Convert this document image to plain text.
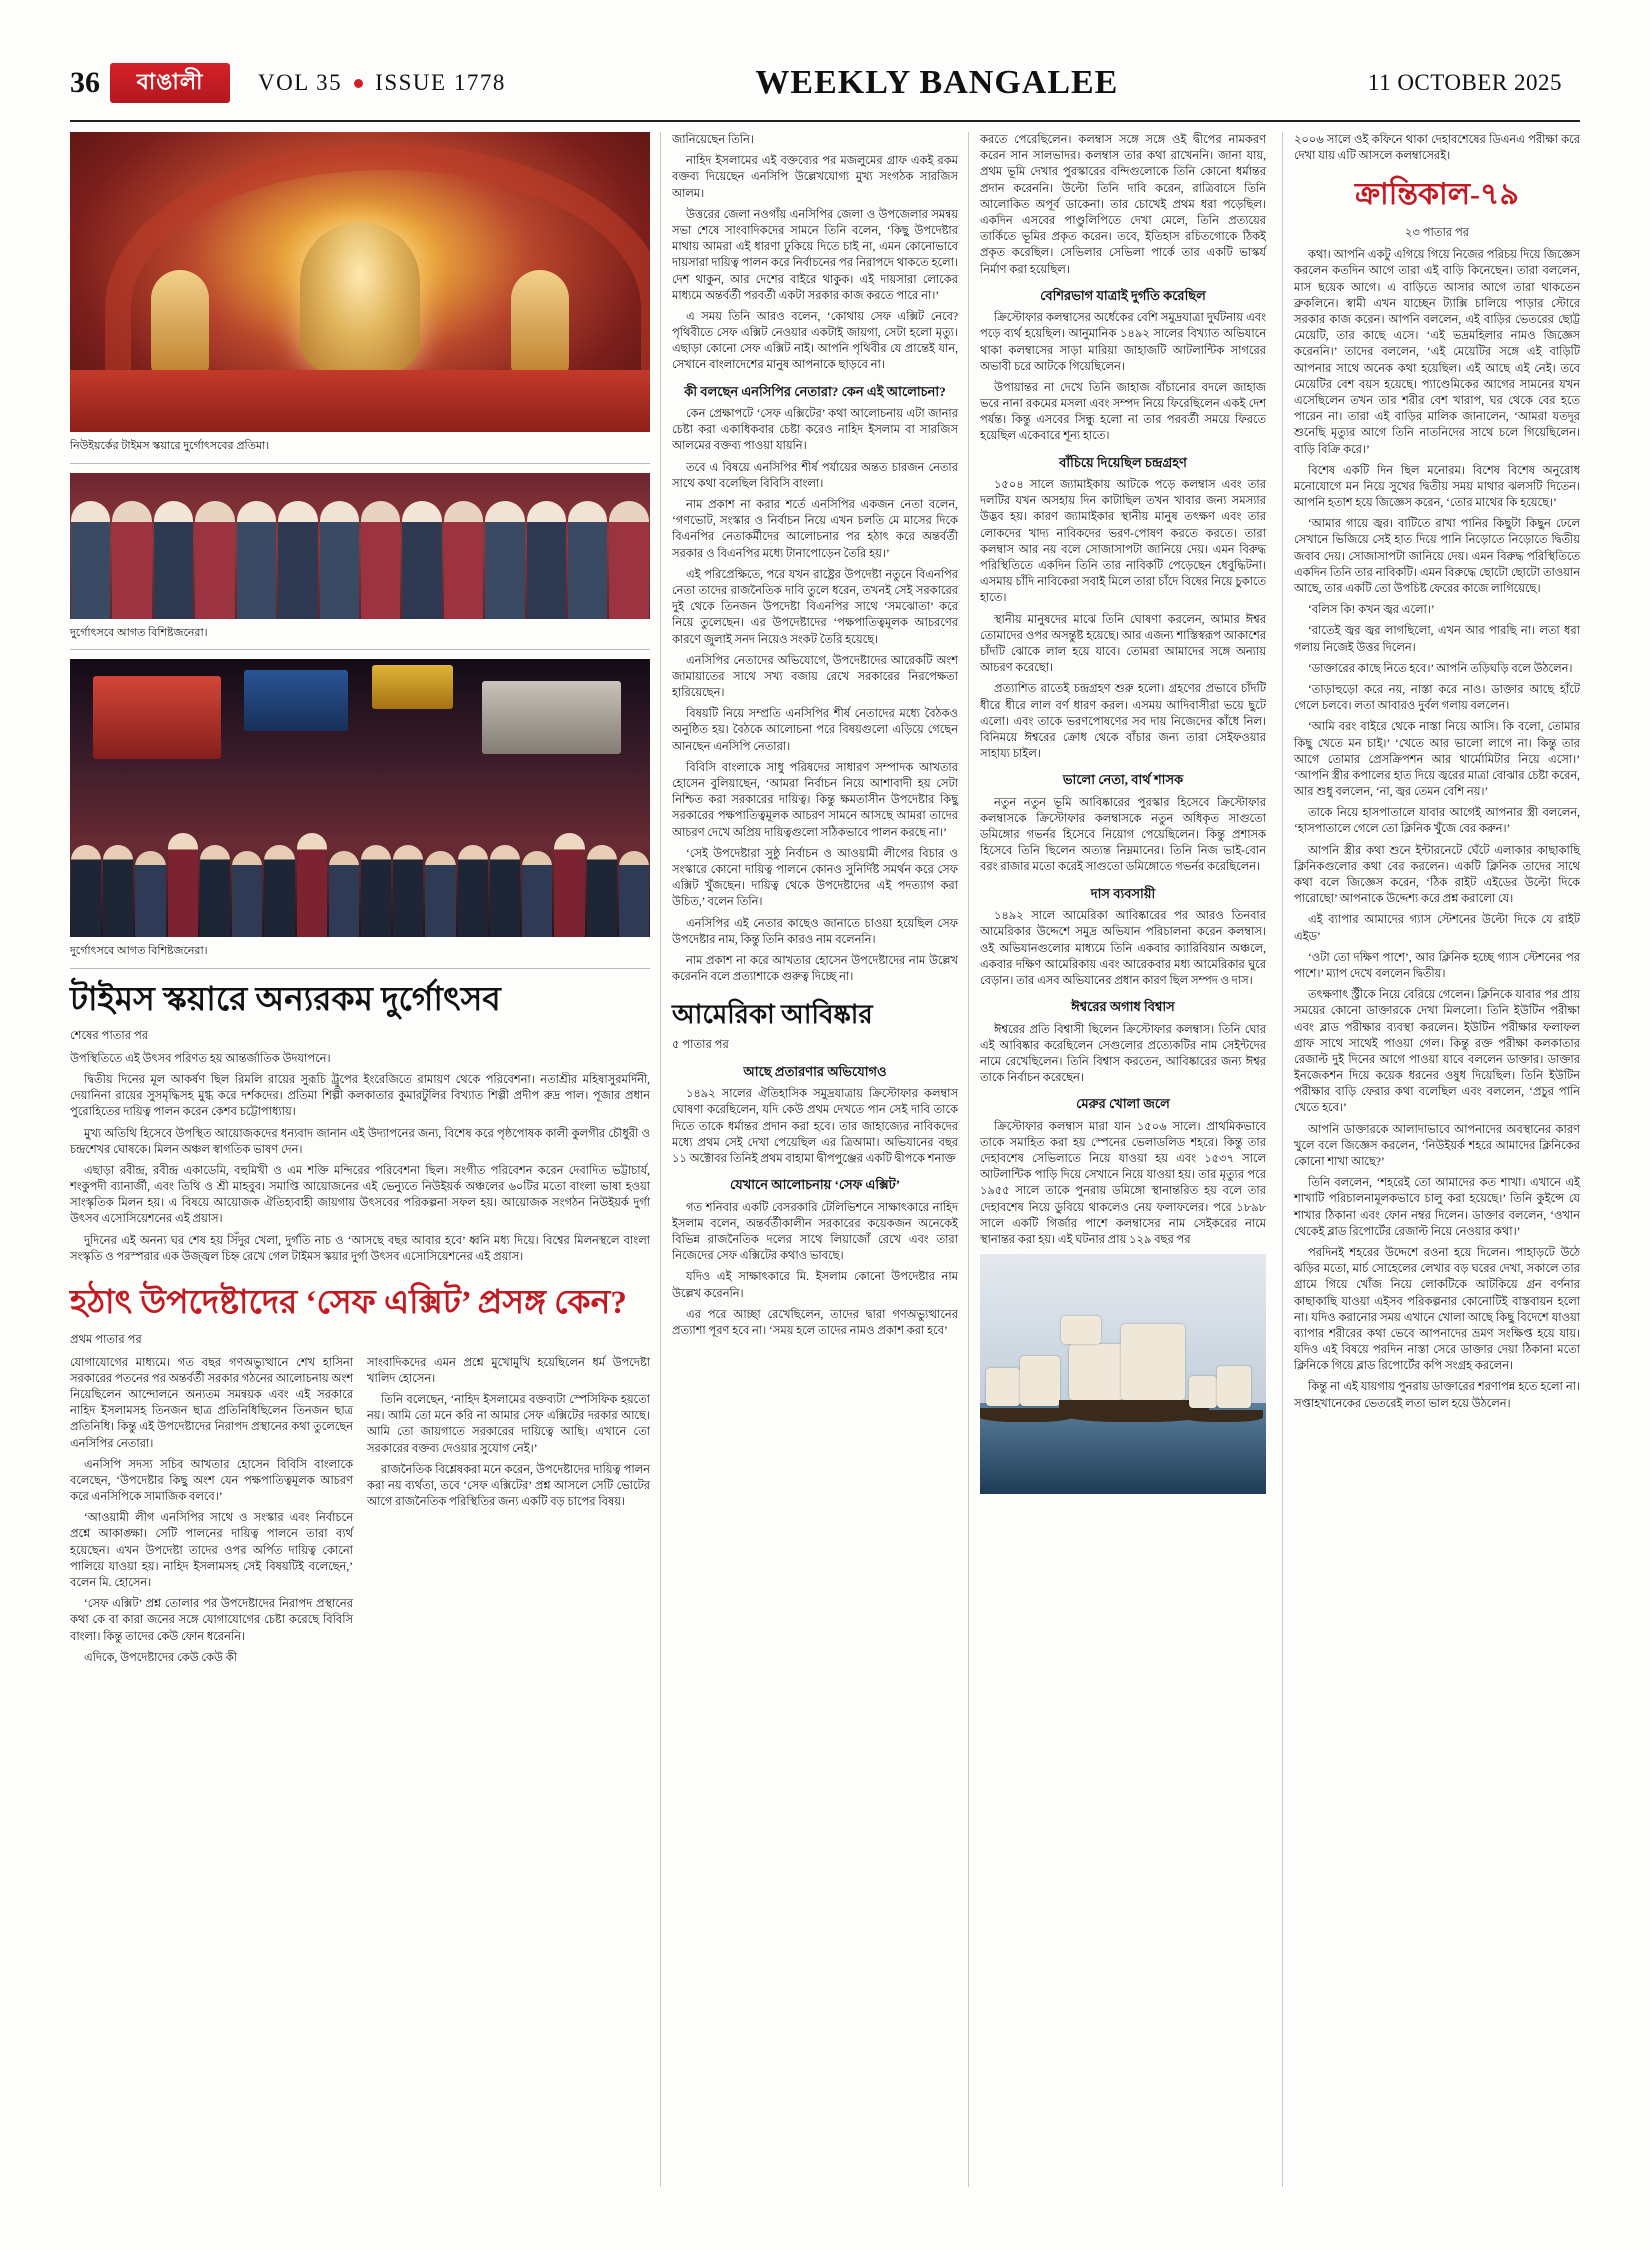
36	বাঙালী	VOL 35 ISSUE 1778	WEEKLY BANGALEE	11 OCTOBER 2025
নিউইয়র্কের টাইমস স্কয়ারে দুর্গোৎসবের প্রতিমা।
দুর্গোৎসবে আগত বিশিষ্টজনেরা।
দুর্গোৎসবে আগত বিশিষ্টজনেরা।
টাইমস স্কয়ারে অন্যরকম দুর্গোৎসব
শেষের পাতার পর

উপস্থিতিতে এই উৎসব পরিণত হয় আন্তর্জাতিক উদযাপনে।

দ্বিতীয় দিনের মূল আকর্ষণ ছিল রিমলি রায়ের সুরূচি ট্রুপের ইংরেজিতে রামায়ণ থেকে পরিবেশনা। নতাশ্রীর মহিষাসুরমর্দিনী, দেয়ানিনা রায়ের সুসমৃদ্ধিসহ মুগ্ধ করে দর্শকদের। প্রতিমা শিল্পী কলকাতার কুমারটুলির বিখ্যাত শিল্পী প্রদীপ রুদ্র পাল। পূজার প্রধান পুরোহিতের দায়িত্ব পালন করেন কেশব চট্টোপাধ্যায়।

মুখ্য অতিথি হিসেবে উপস্থিত আয়োজকদের ধন্যবাদ জানান এই উদ্যাপনের জন্য, বিশেষ করে পৃষ্ঠপোষক কালী কুলগীর চৌধুরী ও চন্দ্রশেখর ঘোষকে। মিলন অঞ্চল স্বাগতিক ভাষণ দেন।

এছাড়া রবীন্দ্র, রবীন্দ্র একাডেমি, বহুমিখী ও এম শক্তি মন্দিরের পরিবেশনা ছিল। সংগীত পরিবেশন করেন দেবাদিত ভট্টাচার্য, শংকুপদী ব্যানার্জী, এবং তিথি ও শ্রী মাহবুব। সমাপ্তি আয়োজনের এই ভেন্যুতে নিউইয়র্ক অঞ্চলের ৬০টির মতো বাংলা ভাষা হওয়া সাংস্কৃতিক মিলন হয়। এ বিষয়ে আয়োজক ঐতিহ্যবাহী জায়গায় উৎসবের পরিকল্পনা সফল হয়। আয়োজক সংগঠন নিউইয়র্ক দুর্গা উৎসব এসোসিয়েশনের এই প্রয়াস।

দুদিনের এই অনন্য ঘর শেষ হয় সিঁদুর খেলা, দুর্গতি নাচ ও ‘আসছে বছর আবার হবে’ ধ্বনি মধ্য দিয়ে। বিশ্বের মিলনস্থলে বাংলা সংস্কৃতি ও পরস্পরার এক উজ্জ্বল চিহ্ন রেখে গেল টাইমস স্কয়ার দুর্গা উৎসব এসোসিয়েশনের এই প্রয়াস।

হঠাৎ উপদেষ্টাদের ‘সেফ এক্সিট’ প্রসঙ্গ কেন?
প্রথম পাতার পর

যোগাযোগের মাধ্যমে। গত বছর গণঅভ্যুত্থানে শেখ হাসিনা সরকারের পতনের পর অন্তর্বর্তী সরকার গঠনের আলোচনায় অংশ নিয়েছিলেন আন্দোলনে অন্যতম সমন্বয়ক এবং এই সরকারে নাহিদ ইসলামসহ তিনজন ছাত্র প্রতিনিধিছিলেন তিনজন ছাত্র প্রতিনিধি। কিন্তু এই উপদেষ্টাদের নিরাপদ প্রস্থানের কথা তুলেছেন এনসিপির নেতারা।

এনসিপি সদস্য সচিব আখতার হোসেন বিবিসি বাংলাকে বলেছেন, ‘উপদেষ্টার কিছু অংশ যেন পক্ষপাতিত্বমূলক আচরণ করে এনসিপিকে সামাজিক বলবে।’

‘আওয়ামী লীগ এনসিপির সাথে ও সংস্কার এবং নির্বাচনে প্রশ্নে আকাঙ্ক্ষা। সেটি পালনের দায়িত্ব পালনে তারা ব্যর্থ হয়েছেন। এখন উপদেষ্টা তাদের ওপর অর্পিত দায়িত্ব কোনো পালিয়ে যাওয়া হয়। নাহিদ ইসলামসহ সেই বিষয়টিই বলেছেন,’ বলেন মি. হোসেন।

‘সেফ এক্সিট’ প্রশ্ন তোলার পর উপদেষ্টাদের নিরাপদ প্রস্থানের কথা কে বা কারা জনের সঙ্গে যোগাযোগের চেষ্টা করেছে বিবিসি বাংলা। কিন্তু তাদের কেউ ফোন ধরেননি।

এদিকে, উপদেষ্টাদের কেউ কেউ কী

সাংবাদিকদের এমন প্রশ্নে মুখোমুখি হয়েছিলেন ধর্ম উপদেষ্টা খালিদ হোসেন।

তিনি বলেছেন, ‘নাহিদ ইসলামের বক্তব্যটা স্পেসিফিক হয়তো নয়। আমি তো মনে করি না আমার সেফ এক্সিটের দরকার আছে। আমি তো জায়গাতে সরকারের দায়িত্বে আছি। এখানে তো সরকারের বক্তব্য দেওয়ার সুযোগ নেই।’

রাজনৈতিক বিশ্লেষকরা মনে করেন, উপদেষ্টাদের দায়িত্ব পালন করা নয় ব্যর্থতা, তবে ‘সেফ এক্সিটের’ প্রশ্ন আসলে সেটি ভোটের আগে রাজনৈতিক পরিস্থিতির জন্য একটি বড় চাপের বিষয়।

জানিয়েছেন তিনি।

নাহিদ ইসলামের এই বক্তব্যের পর মজলুমের গ্রাফ একই রকম বক্তব্য দিয়েছেন এনসিপি উল্লেখযোগ্য মুখ্য সংগঠক সারজিস আলম।

উত্তরের জেলা নওগাঁয় এনসিপির জেলা ও উপজেলার সমন্বয় সভা শেষে সাংবাদিকদের সামনে তিনি বলেন, ‘কিছু উপদেষ্টার মাথায় আমরা এই ধারণা ঢুকিয়ে দিতে চাই না, এমন কোনোভাবে দায়সারা দায়িত্ব পালন করে নির্বাচনের পর নিরাপদে থাকতে হলো। দেশ থাকুন, আর দেশের বাইরে থাকুক। এই দায়সারা লোকের মাধ্যমে অন্তর্বর্তী পরবর্তী একটা সরকার কাজ করতে পারে না।’

এ সময় তিনি আরও বলেন, ‘কোথায় সেফ এক্সিট নেবে? পৃথিবীতে সেফ এক্সিট নেওয়ার একটাই জায়গা, সেটা হলো মৃত্যু। এছাড়া কোনো সেফ এক্সিট নাই। আপনি পৃথিবীর যে প্রান্তেই যান, সেখানে বাংলাদেশের মানুষ আপনাকে ছাড়বে না।

কী বলছেন এনসিপির নেতারা? কেন এই আলোচনা?

কেন প্রেক্ষাপটে ‘সেফ এক্সিটের’ কথা আলোচনায় এটা জানার চেষ্টা করা একাধিকবার চেষ্টা করেও নাহিদ ইসলাম বা সারজিস আলমের বক্তব্য পাওয়া যায়নি।

তবে এ বিষয়ে এনসিপির শীর্ষ পর্যায়ের অন্তত চারজন নেতার সাথে কথা বলেছিল বিবিসি বাংলা।

নাম প্রকাশ না করার শর্তে এনসিপির একজন নেতা বলেন, ‘গণভোট, সংস্কার ও নির্বাচন নিয়ে এখন চলতি মে মাসের দিকে বিএনপির নেতাকর্মীদের আলোচনার পর হঠাৎ করে অন্তর্বর্তী সরকার ও বিএনপির মধ্যে টানাপোড়েন তৈরি হয়।’

এই পরিপ্রেক্ষিতে, পরে যখন রাষ্ট্রের উপদেষ্টা নতুনে বিএনপির নেতা তাদের রাজনৈতিক দাবি তুলে ধরেন, তখনই সেই সরকারের দুই থেকে তিনজন উপদেষ্টা বিএনপির সাথে ‘সমঝোতা’ করে নিয়ে তুলেছেন। এর উপদেষ্টাদের ‘পক্ষপাতিত্বমূলক আচরণের কারণে জুলাই সনদ নিয়েও সংকট তৈরি হয়েছে।

এনসিপির নেতাদের অভিযোগে, উপদেষ্টাদের আরেকটি অংশ জামায়াতের সাথে সখ্য বজায় রেখে সরকারের নিরপেক্ষতা হারিয়েছেন।

বিষয়টি নিয়ে সম্প্রতি এনসিপির শীর্ষ নেতাদের মধ্যে বৈঠকও অনুষ্ঠিত হয়। বৈঠকে আলোচনা পরে বিষয়গুলো এড়িয়ে গেছেন আনছেন এনসিপি নেতারা।

বিবিসি বাংলাকে সাধু পরিষদের সাধারণ সম্পাদক আখতার হোসেন বুলিয়াছেন, ‘আমরা নির্বাচন নিয়ে আশাবাদী হয় সেটা নিশ্চিত করা সরকারের দায়িত্ব। কিন্তু ক্ষমতাসীন উপদেষ্টার কিছু সরকারের পক্ষপাতিত্বমূলক আচরণ সামনে আসছে আমরা তাদের আচরণ দেখে অপ্রিয় দায়িত্বগুলো সঠিকভাবে পালন করছে না।’

‘সেই উপদেষ্টারা সুষ্ঠু নির্বাচন ও আওয়ামী লীগের বিচার ও সংস্কারে কোনো দায়িত্ব পালনে কোনও সুনির্দিষ্ট সমর্থন করে সেফ এক্সিট খুঁজছেন। দায়িত্ব থেকে উপদেষ্টাদের এই পদত্যাগ করা উচিত,’ বলেন তিনি।

এনসিপির এই নেতার কাছেও জানাতে চাওয়া হয়েছিল সেফ উপদেষ্টার নাম, কিন্তু তিনি কারও নাম বলেননি।

নাম প্রকাশ না করে আখতার হোসেন উপদেষ্টাদের নাম উল্লেখ করেননি বলে প্রত্যাশাকে গুরুত্ব দিচ্ছে না।

আমেরিকা আবিষ্কার
৫ পাতার পর
আছে প্রতারণার অভিযোগও

১৪৯২ সালের ঐতিহাসিক সমুদ্রযাত্রায় ক্রিস্টোফার কলম্বাস ঘোষণা করেছিলেন, যদি কেউ প্রথম দেখতে পান সেই দাবি তাকে দিতে তাকে ধর্মান্তর প্রদান করা হবে। তার জাহাজ্যের নাবিকদের মধ্যে প্রথম সেই দেখা পেয়েছিল এর ত্রিআমা। অভিযানের বছর ১১ অক্টোবর তিনিই প্রথম বাহামা দ্বীপপুঞ্জের একটি দ্বীপকে শনাক্ত

যেখানে আলোচনায় ‘সেফ এক্সিট’

গত শনিবার একটি বেসরকারি টেলিভিশনে সাক্ষাৎকারে নাহিদ ইসলাম বলেন, অন্তর্বর্তীকালীন সরকারের কয়েকজন অনেকেই বিভিন্ন রাজনৈতিক দলের সাথে লিয়াজোঁ রেখে এবং তারা নিজেদের সেফ এক্সিটের কথাও ভাবছে।

যদিও এই সাক্ষাৎকারে মি. ইসলাম কোনো উপদেষ্টার নাম উল্লেখ করেননি।

এর পরে আচ্ছা রেখেছিলেন, তাদের দ্বারা গণঅভ্যুত্থানের প্রত্যাশা পূরণ হবে না। ‘সময় হলে তাদের নামও প্রকাশ করা হবে’

করতে পেরেছিলেন। কলম্বাস সঙ্গে সঙ্গে ওই দ্বীপের নামকরণ করেন সান সালভাদর। কলম্বাস তার কথা রাখেননি। জানা যায়, প্রথম ভূমি দেখার পুরস্কারের বন্দিগুলোকে তিনি কোনো ধর্মান্তর প্রদান করেননি। উল্টো তিনি দাবি করেন, রাত্রিবাসে তিনি আলোকিত অপূর্ব ডাকেনা। তার চোখেই প্রথম ধরা পড়েছিল। একদিন এসবের পাণ্ডুলিপিতে দেখা মেলে, তিনি প্রত্যয়ের তার্কিতে ভূমির প্রকৃত করেন। তবে, ইতিহাস রচিতগোকে ঠিকই প্রকৃত করেছিল। সেভিলার সেভিলা পার্কে তার একটি ভাস্কর্য নির্মাণ করা হয়েছিল।

বেশিরভাগ যাত্রাই দুর্গতি করেছিল

ক্রিস্টোফার কলম্বাসের অর্ধেকের বেশি সমুদ্রযাত্রা দুর্ঘটনায় এবং পড়ে ব্যর্থ হয়েছিল। আনুমানিক ১৪৯২ সালের বিখ্যাত অভিযানে থাকা কলম্বাসের সাড়া মারিয়া জাহাজটি আটলান্টিক সাগরের অভাবী চরে আটকে গিয়েছিলেন।

উপায়ান্তর না দেখে তিনি জাহাজ বাঁচানোর বদলে জাহাজ ভরে নানা রকমের মসলা এবং সম্পদ নিয়ে ফিরেছিলেন একই দেশ পর্যন্ত। কিন্তু এসবের সিন্ধু হলো না তার পরবর্তী সময়ে ফিরতে হয়েছিল একেবারে শূন্য হাতে।

বাঁচিয়ে দিয়েছিল চন্দ্রগ্রহণ

১৫০৪ সালে জ্যামাইকায় আটকে পড়ে কলম্বাস এবং তার দলটির যখন অসহায় দিন কাটাছিল তখন খাবার জন্য সমস্যার উদ্ভব হয়। কারণ জ্যামাইকার স্থানীয় মানুষ তৎক্ষণ এবং তার লোকদের খাদ্য নাবিকদের ভরণ-পোষণ করতে করতে। তারা কলম্বাস আর নয় বলে সোজাসাপটা জানিয়ে দেয়। এমন বিরুদ্ধ পরিস্থিতিতে একদিন তিনি তার নাবিকটি পেড়েছেন ধেবুদ্ধিটনা। এসমায় চাঁদি নাবিকেরা সবাই মিলে তারা চাঁদে বিষের নিয়ে চুকাতে হাতে।

স্থানীয় মানুষদের মাঝে তিনি ঘোষণা করলেন, আমার ঈশ্বর তোমাদের ওপর অসন্তুষ্ট হয়েছে। আর এজন্য শাস্তিস্বরূপ আকাশের চাঁদটি ঝোকে লাল হয়ে যাবে। তোমরা আমাদের সঙ্গে অন্যায় আচরণ করেছো।

প্রত্যাশিত রাতেই চন্দ্রগ্রহণ শুরু হলো। গ্রহণের প্রভাবে চাঁদটি ধীরে ধীরে লাল বর্ণ ধারণ করল। এসময় আদিবাসীরা ভয়ে ছুটে এলো। এবং তাকে ভরণপোষণের সব দায় নিজেদের কাঁধে নিল। বিনিময়ে ঈশ্বরের ক্রোধ থেকে বাঁচার জন্য তারা সেইফওয়ার সাহায্য চাইল।

ভালো নেতা, বার্থ শাসক

নতুন নতুন ভূমি আবিষ্কারের পুরস্কার হিসেবে ক্রিস্টোফার কলম্বাসকে ক্রিস্টোফার কলম্বাসকে নতুন অধিকৃত সাগুতো ডমিঙ্গোর গভর্নর হিসেবে নিয়োগ পেয়েছিলেন। কিন্তু প্রশাসক হিসেবে তিনি ছিলেন অত্যন্ত নিম্নমানের। তিনি নিজ ভাই-বোন বরং রাজার মতো করেই সাগুতো ডমিঙ্গোতে গভর্নর করেছিলেন।

দাস ব্যবসায়ী

১৪৯২ সালে আমেরিকা আবিষ্কারের পর আরও তিনবার আমেরিকার উদ্দেশে সমুদ্র অভিযান পরিচালনা করেন কলম্বাস। ওই অভিযানগুলোর মাধ্যমে তিনি একবার ক্যারিবিয়ান অঞ্চলে, একবার দক্ষিণ আমেরিকায় এবং আরেকবার মধ্য আমেরিকার ঘুরে বেড়ান। তার এসব অভিযানের প্রধান কারণ ছিল সম্পদ ও দাস।

ঈশ্বরের অগাধ বিশ্বাস

ঈশ্বরের প্রতি বিশ্বাসী ছিলেন ক্রিস্টোফার কলম্বাস। তিনি ঘোর এই আবিষ্কার করেছিলেন সেগুলোর প্রত্যেকটির নাম সেইন্টদের নামে রেখেছিলেন। তিনি বিশ্বাস করতেন, আবিষ্কারের জন্য ঈশ্বর তাকে নির্বাচন করেছেন।

মেরুর খোলা জলে

ক্রিস্টোফার কলম্বাস মারা যান ১৫০৬ সালে। প্রাথমিকভাবে তাকে সমাহিত করা হয় স্পেনের ভেলাডলিড শহরে। কিন্তু তার দেহাবশেষ সেভিলাতে নিয়ে যাওয়া হয় এবং ১৫৩৭ সালে আটলান্টিক পাড়ি দিয়ে সেখানে নিয়ে যাওয়া হয়। তার মৃত্যুর পরে ১৯৫৫ সালে তাকে পুনরায় ডমিঙ্গো স্থানান্তরিত হয় বলে তার দেহাবশেষ নিয়ে ডুবিয়ে থাকলেও নেয় ফলাফলের। পরে ১৮৯৮ সালে একটি গির্জার পাশে কলম্বাসের নাম সেইকরের নামে স্থানান্তর করা হয়। এই ঘটনার প্রায় ১২৯ বছর পর

২০০৬ সালে ওই কফিনে থাকা দেহাবশেষের ডিএনএ পরীক্ষা করে দেখা যায় এটি আসলে কলম্বাসেরই।

ক্রান্তিকাল-৭৯
২৩ পাতার পর

কথা। আপনি একটু এগিয়ে গিয়ে নিজের পরিচয় দিয়ে জিজ্ঞেস করলেন কতদিন আগে তারা এই বাড়ি কিনেছেন। তারা বললেন, মাস ছয়েক আগে। এ বাড়িতে আসার আগে তারা থাকতেন ব্রুকলিনে। স্বামী এখন যাচ্ছেন ট্যাক্সি চালিয়ে পাড়ার স্টোরে সরকার কাজ করেন। আপনি বললেন, এই বাড়ির ভেতরের ছোট্ট মেয়েটি, তার কাছে এসে। ‘এই ভদ্রমহিলার নামও জিজ্ঞেস করেননি।’ তাদের বললেন, ‘এই মেয়েটির সঙ্গে এই বাড়িটি আপনার সাথে অনেক কথা হয়েছিল। এই আছে এই নেই। তবে মেয়েটির বেশ বয়স হয়েছে। প্যাণ্ডেমিকের আগের সামনের যখন এসেছিলেন তখন তার শরীর বেশ খারাপ, ঘর থেকে বের হতে পারেন না। তারা এই বাড়ির মালিক জানালেন, ‘আমরা যতদূর শুনেছি মৃত্যুর আগে তিনি নাতনিদের সাথে চলে গিয়েছিলেন। বাড়ি বিক্রি করে।’

বিশেষ একটি দিন ছিল মনোরম। বিশেষ বিশেষ অনুরোধ মনোযোগে মন নিয়ে সুখের দ্বিতীয় সময় মাথার ঝলসটি দিতেন। আপনি হতাশ হয়ে জিজ্ঞেস করেন, ‘তোর মাথের কি হয়েছে।’

‘আমার গায়ে জ্বর। বাটিতে রাখা পানির কিছুটা কিছুন ঢেলে সেখানে ভিজিয়ে সেই হাত দিয়ে পানি নিড়োতে নিড়োতে দ্বিতীয় জবাব দেয়। সোজাসাপটা জানিয়ে দেয়। এমন বিরুদ্ধ পরিস্থিতিতে একদিন তিনি তার নাবিকটি। এমন বিরুদ্ধে ছোটো ছোটো তাওয়ান আছে, তার একটি তো উপচিষ্ট ফেরের কাজে লাগিয়েছে।

‘বলিস কি! কখন জ্বর এলো।’

‘রাতেই জ্বর জ্বর লাগছিলো, এখন আর পারছি না। লতা ধরা গলায় নিজেই উত্তর দিলেন।

‘ডাক্তারের কাছে নিতে হবে।’ আপনি তড়িঘড়ি বলে উঠলেন।

‘তাড়াহুড়ো করে নয়, নাস্তা করে নাও। ডাক্তার আছে হাঁটে গেলে চলবে। লতা আবারও দুর্বল গলায় বললেন।

‘আমি বরং বাইরে থেকে নাস্তা নিয়ে আসি। কি বলো, তোমার কিছু খেতে মন চাই।’ ‘খেতে আর ভালো লাগে না। কিন্তু তার আগে তোমার প্রেসক্রিপশন আর থার্মোমিটার নিয়ে এসো।’ ‘আপনি স্ত্রীর কপালের হাত দিয়ে জ্বরের মাত্রা বোঝার চেষ্টা করেন, আর শুধু বললেন, ‘না, জ্বর তেমন বেশি নয়।’

তাকে নিয়ে হাসপাতালে যাবার আগেই আপনার স্ত্রী বললেন, ‘হাসপাতালে গেলে তো ক্লিনিক খুঁজে বের করুন।’

আপনি স্ত্রীর কথা শুনে ইন্টারনেটে ঘেঁটে এলাকার কাছাকাছি ক্লিনিকগুলোর কথা বের করলেন। একটি ক্লিনিক তাদের সাথে কথা বলে জিজ্ঞেস করেন, ‘ঠিক রাইট এইডের উল্টো দিকে পারোছো’ আপনাকে উদ্দেশ্য করে প্রশ্ন করালো যে।

এই ব্যাপার আমাদের গ্যাস স্টেশনের উল্টো দিকে যে রাইট এইড’

‘ওটা তো দক্ষিণ পাশে’, আর ক্লিনিক হচ্ছে গ্যাস স্টেশনের পর পাশে।’ ম্যাপ দেখে বললেন দ্বিতীয়।

তৎক্ষণাৎ স্ট্রীকে নিয়ে বেরিয়ে গেলেন। ক্লিনিকে যাবার পর প্রায় সময়ের কোনো ডাক্তারকে দেখা মিললো। তিনি ইউটিন পরীক্ষা এবং ব্লাড পরীক্ষার ব্যবস্থা করলেন। ইউটিন পরীক্ষার ফলাফল গ্রাফ সাথে সাথেই পাওয়া গেল। কিন্তু রক্ত পরীক্ষা কলকাতার রেজাল্ট দুই দিনের আগে পাওয়া যাবে বললেন ডাক্তার। ডাক্তার ইনজেকশন দিয়ে কয়েক ধরনের ওষুধ দিয়েছিল। তিনি ইউটিন পরীক্ষার বাড়ি ফেরার কথা বলেছিল এবং বললেন, ‘প্রচুর পানি খেতে হবে।’

আপনি ডাক্তারকে আলাদাভাবে আপনাদের অবস্থানের কারণ খুলে বলে জিজ্ঞেস করলেন, ‘নিউইয়র্ক শহরে আমাদের ক্লিনিকের কোনো শাখা আছে?’

তিনি বললেন, ‘শহরেই তো আমাদের কত শাখা। এখানে এই শাখাটি পরিচালনামূলকভাবে চালু করা হয়েছে।’ তিনি কুইন্সে যে শাখার ঠিকানা এবং ফোন নম্বর দিলেন। ডাক্তার বললেন, ‘ওখান থেকেই ব্লাড রিপোর্টের রেজাল্ট নিয়ে নেওয়ার কথা।’

পরদিনই শহরের উদ্দেশে রওনা হয়ে দিলেন। পাহাড়টে উঠে ঝড়ির মতো, মার্চ সোহেলের লেখার বড় ঘরের দেখা, সকালে তার গ্রামে গিয়ে খোঁজ নিয়ে লোকটিকে আটকিয়ে গ্রন বর্ণনার কাছাকাছি যাওয়া এইসব পরিকল্পনার কোনোটিই বাস্তবায়ন হলো না। যদিও করানোর সময় এখানে খোলা আছে কিছু বিদেশে যাওয়া ব্যাপার শরীরের কথা ভেবে আপনাদের ভ্রমণ সংক্ষিপ্ত হয়ে যায়। যদিও এই বিষয়ে পরদিন নাস্তা সেরে ডাক্তার দেয়া ঠিকানা মতো ক্লিনিকে গিয়ে ব্লাড রিপোর্টের কপি সংগ্রহ করলেন।

কিন্তু না এই যায়গায় পুনরায় ডাক্তারের শরণাপন্ন হতে হলো না। সপ্তাহখানেকের ভেতরেই লতা ভাল হয়ে উঠলেন।
